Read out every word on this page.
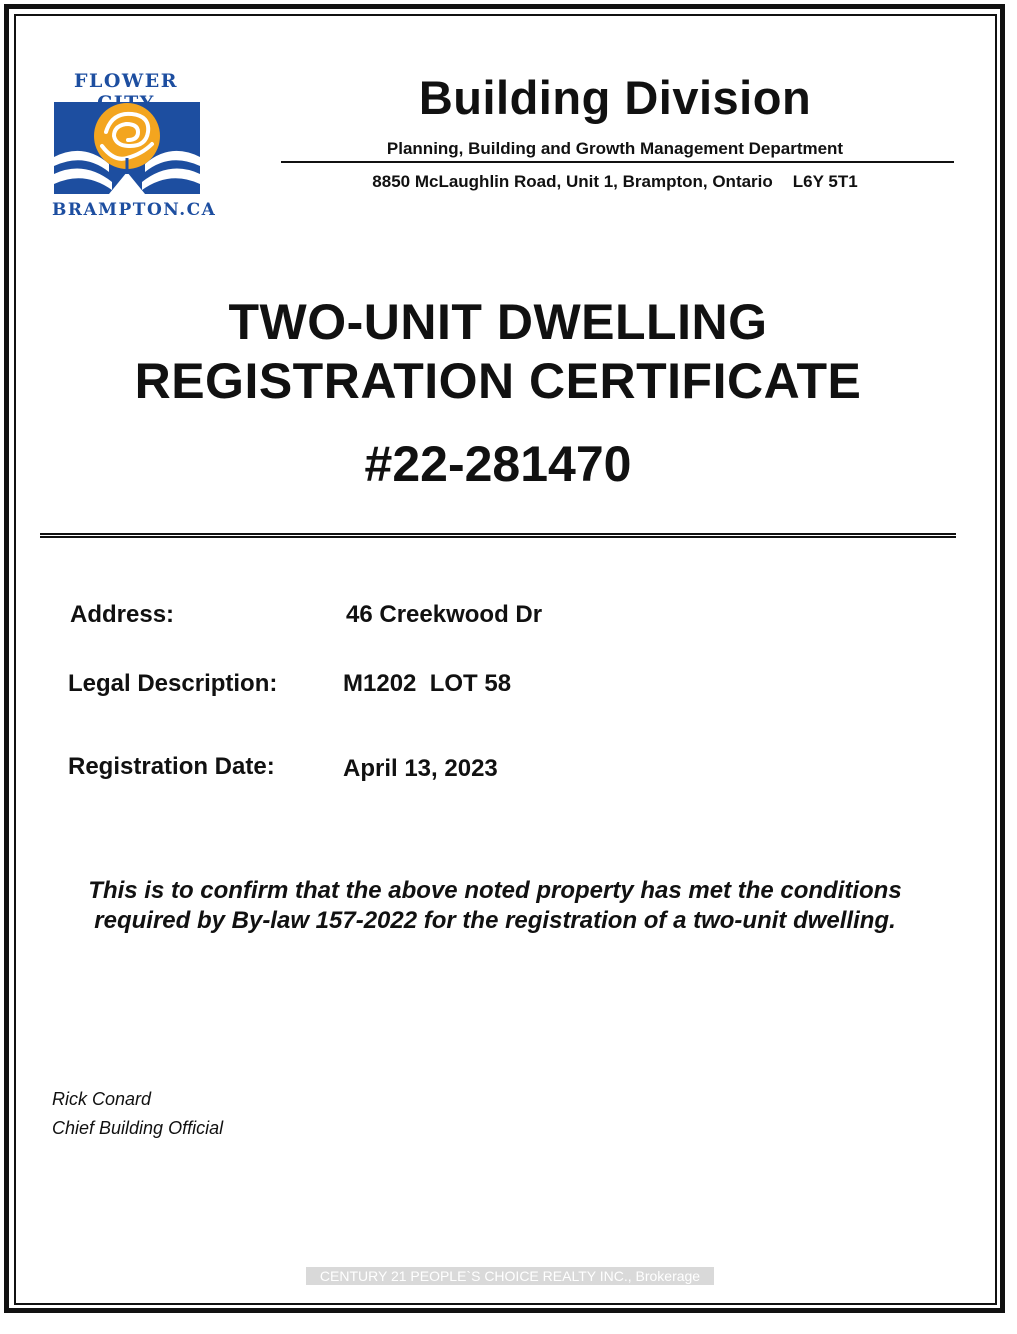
FLOWER
BRAMPTON.CA
Building Division
Planning, Building and Growth Management Department
8850 McLaughlin Road, Unit 1, Brampton, Ontario L6Y 5T1
TWO-UNIT DWELLING
REGISTRATION CERTIFICATE
#22-281470
Address:	46 Creekwood Dr
Legal Description:	M1202  LOT 58
Registration Date:	April 13, 2023
This is to confirm that the above noted property has met the conditions required by By-law 157-2022 for the registration of a two-unit dwelling.
Rick Conard
Chief Building Official
CENTURY 21 PEOPLE`S CHOICE REALTY INC., Brokerage
